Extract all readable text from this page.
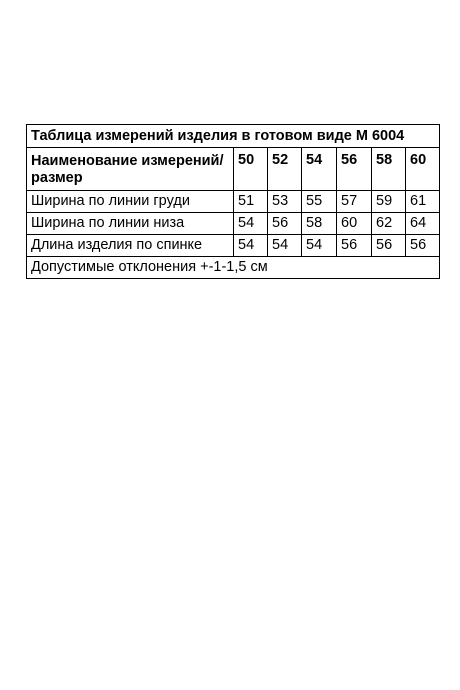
Таблица измерений изделия в готовом виде М 6004						
Наименование измерений/размер	50	52	54	56	58	60
Ширина по линии груди	51	53	55	57	59	61
Ширина по линии низа	54	56	58	60	62	64
Длина изделия по спинке	54	54	54	56	56	56
Допустимые отклонения +-1-1,5 см						
